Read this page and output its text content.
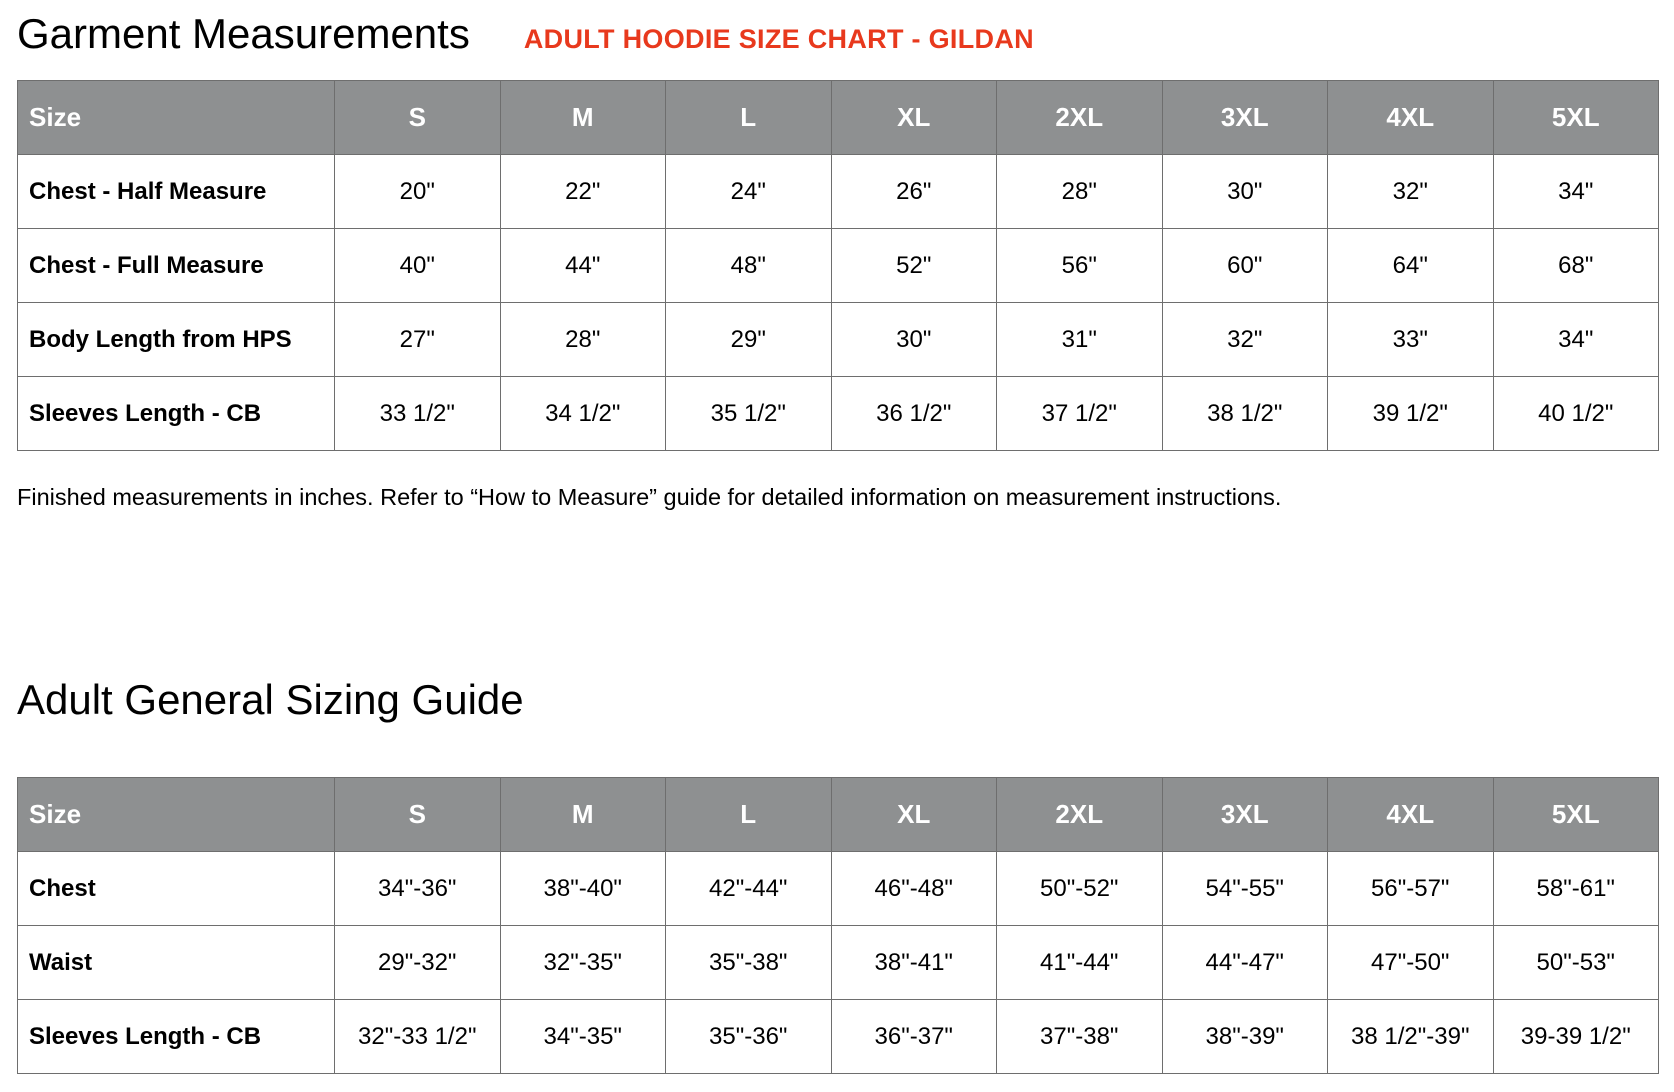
Garment Measurements ADULT HOODIE SIZE CHART - GILDAN
Size	S	M	L	XL	2XL	3XL	4XL	5XL
Chest - Half Measure	20"	22"	24"	26"	28"	30"	32"	34"
Chest - Full Measure	40"	44"	48"	52"	56"	60"	64"	68"
Body Length from HPS	27"	28"	29"	30"	31"	32"	33"	34"
Sleeves Length - CB	33 1/2"	34 1/2"	35 1/2"	36 1/2"	37 1/2"	38 1/2"	39 1/2"	40 1/2"

Finished measurements in inches. Refer to “How to Measure” guide for detailed information on measurement instructions.

Adult General Sizing Guide
Size	S	M	L	XL	2XL	3XL	4XL	5XL
Chest	34"-36"	38"-40"	42"-44"	46"-48"	50"-52"	54"-55"	56"-57"	58"-61"
Waist	29"-32"	32"-35"	35"-38"	38"-41"	41"-44"	44"-47"	47"-50"	50"-53"
Sleeves Length - CB	32"-33 1/2"	34"-35"	35"-36"	36"-37"	37"-38"	38"-39"	38 1/2"-39"	39-39 1/2"
